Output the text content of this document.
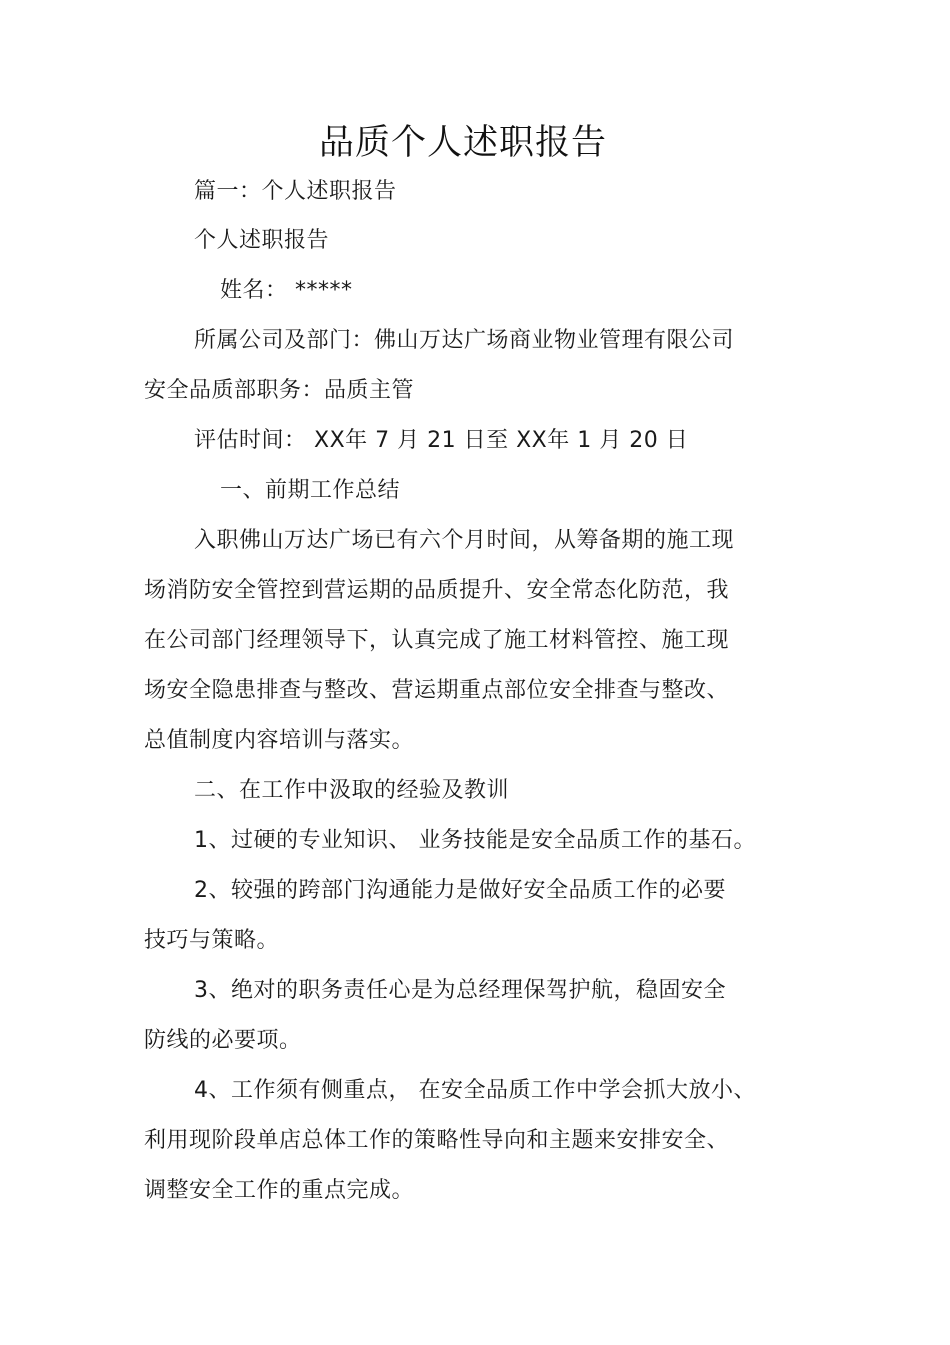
品质个人述职报告
篇一：个人述职报告
个人述职报告
姓名： *****
所属公司及部门：佛山万达广场商业物业管理有限公司
安全品质部职务：品质主管
评估时间： XX年 7 月 21 日至 XX年 1 月 20 日
一、前期工作总结
入职佛山万达广场已有六个月时间，从筹备期的施工现
场消防安全管控到营运期的品质提升、安全常态化防范，我
在公司部门经理领导下，认真完成了施工材料管控、施工现
场安全隐患排查与整改、营运期重点部位安全排查与整改、
总值制度内容培训与落实。
二、在工作中汲取的经验及教训
1、过硬的专业知识、 业务技能是安全品质工作的基石。
2、较强的跨部门沟通能力是做好安全品质工作的必要
技巧与策略。
3、绝对的职务责任心是为总经理保驾护航，稳固安全
防线的必要项。
4、工作须有侧重点， 在安全品质工作中学会抓大放小、
利用现阶段单店总体工作的策略性导向和主题来安排安全、
调整安全工作的重点完成。
